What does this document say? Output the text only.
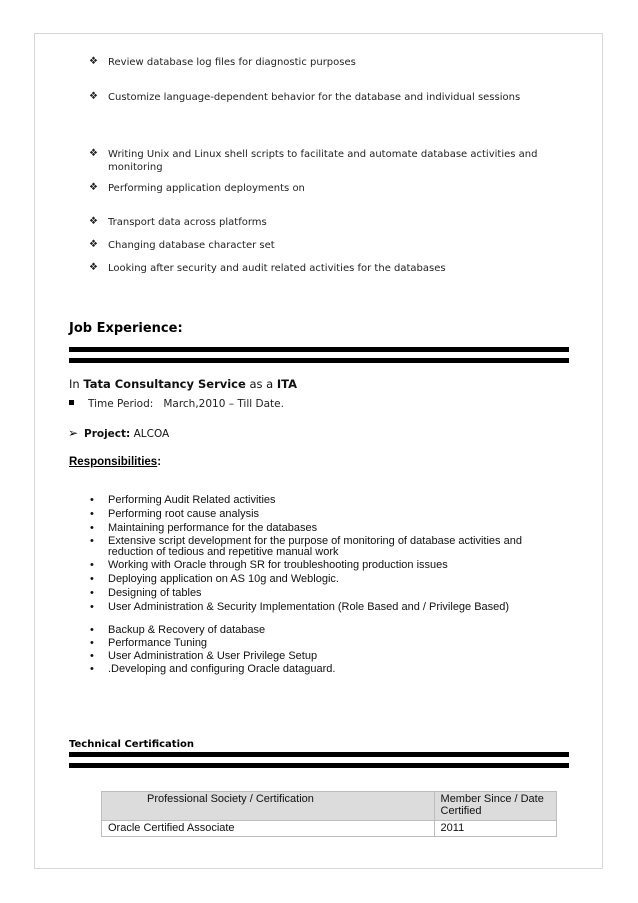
❖ Review database log files for diagnostic purposes

❖ Customize language-dependent behavior for the database and individual sessions

❖ Writing Unix and Linux shell scripts to facilitate and automate database activities and monitoring

❖ Performing application deployments on

❖ Transport data across platforms

❖ Changing database character set

❖ Looking after security and audit related activities for the databases

Job Experience:

In Tata Consultancy Service as a ITA

Time Period: March,2010 – Till Date.

➢ Project: ALCOA

Responsibilities:

• Performing Audit Related activities
• Performing root cause analysis
• Maintaining performance for the databases
• Extensive script development for the purpose of monitoring of database activities and reduction of tedious and repetitive manual work
• Working with Oracle through SR for troubleshooting production issues
• Deploying application on AS 10g and Weblogic.
• Designing of tables
• User Administration & Security Implementation (Role Based and / Privilege Based)
• Backup & Recovery of database
• Performance Tuning
• User Administration & User Privilege Setup
• .Developing and configuring Oracle dataguard.
Technical Certification
Professional Society / Certification	Member Since / Date Certified
Oracle Certified Associate	2011
